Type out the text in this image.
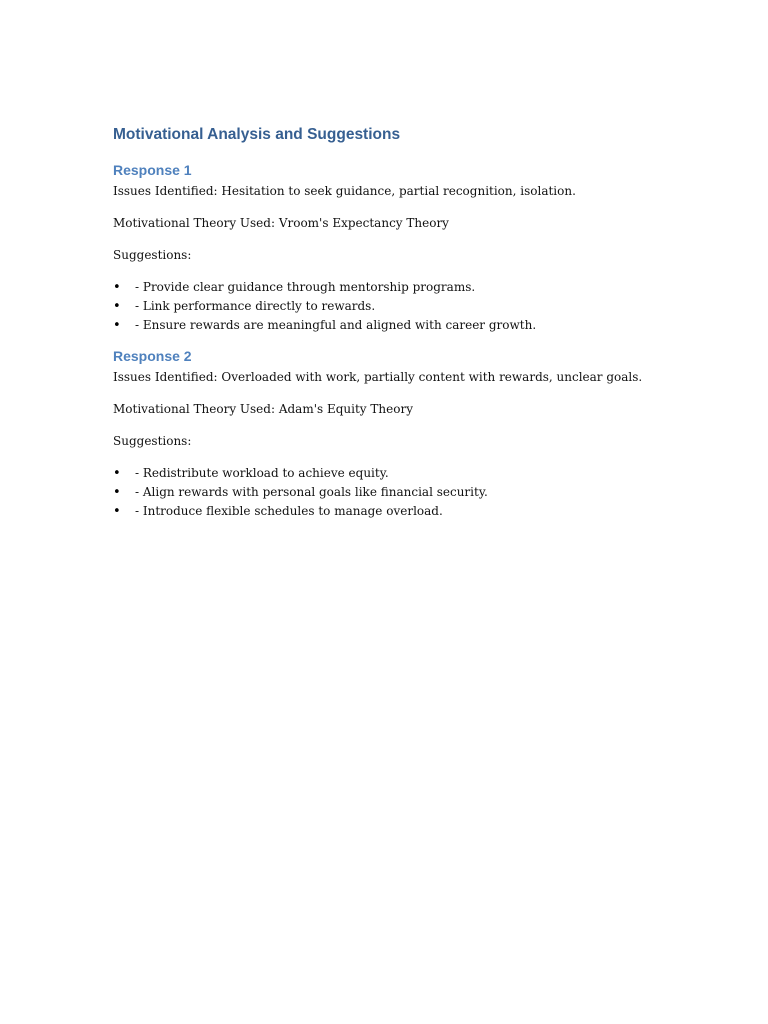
Motivational Analysis and Suggestions
Response 1
Issues Identified: Hesitation to seek guidance, partial recognition, isolation.
Motivational Theory Used: Vroom's Expectancy Theory
Suggestions:
• - Provide clear guidance through mentorship programs.
• - Link performance directly to rewards.
• - Ensure rewards are meaningful and aligned with career growth.
Response 2
Issues Identified: Overloaded with work, partially content with rewards, unclear goals.
Motivational Theory Used: Adam's Equity Theory
Suggestions:
• - Redistribute workload to achieve equity.
• - Align rewards with personal goals like financial security.
• - Introduce flexible schedules to manage overload.
